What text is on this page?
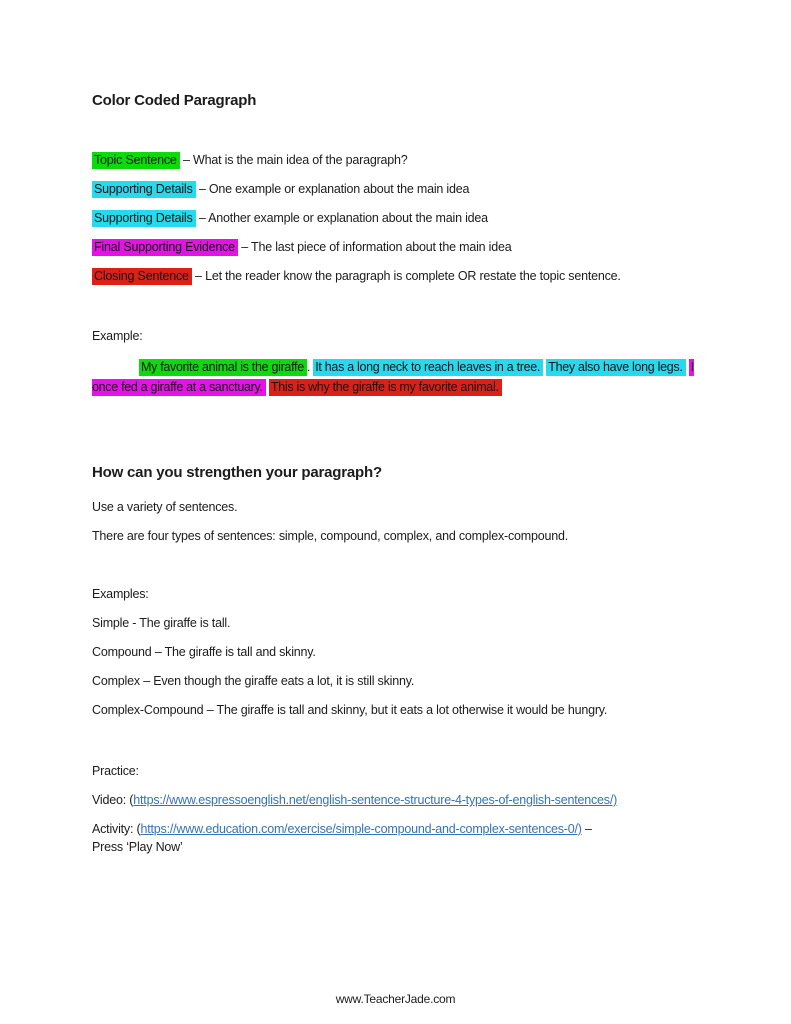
Color Coded Paragraph
Topic Sentence – What is the main idea of the paragraph?
Supporting Details – One example or explanation about the main idea
Supporting Details – Another example or explanation about the main idea
Final Supporting Evidence – The last piece of information about the main idea
Closing Sentence – Let the reader know the paragraph is complete OR restate the topic sentence.

Example:

My favorite animal is the giraffe . It has a long neck to reach leaves in a tree. They also have long legs. I once fed a giraffe at a sanctuary. This is why the giraffe is my favorite animal.

How can you strengthen your paragraph?

Use a variety of sentences.

There are four types of sentences: simple, compound, complex, and complex-compound.

Examples:

Simple - The giraffe is tall.

Compound – The giraffe is tall and skinny.

Complex – Even though the giraffe eats a lot, it is still skinny.

Complex-Compound – The giraffe is tall and skinny, but it eats a lot otherwise it would be hungry.

Practice:

Video: (https://www.espressoenglish.net/english-sentence-structure-4-types-of-english-sentences/)

Activity: (https://www.education.com/exercise/simple-compound-and-complex-sentences-0/) –
Press ‘Play Now’

www.TeacherJade.com
